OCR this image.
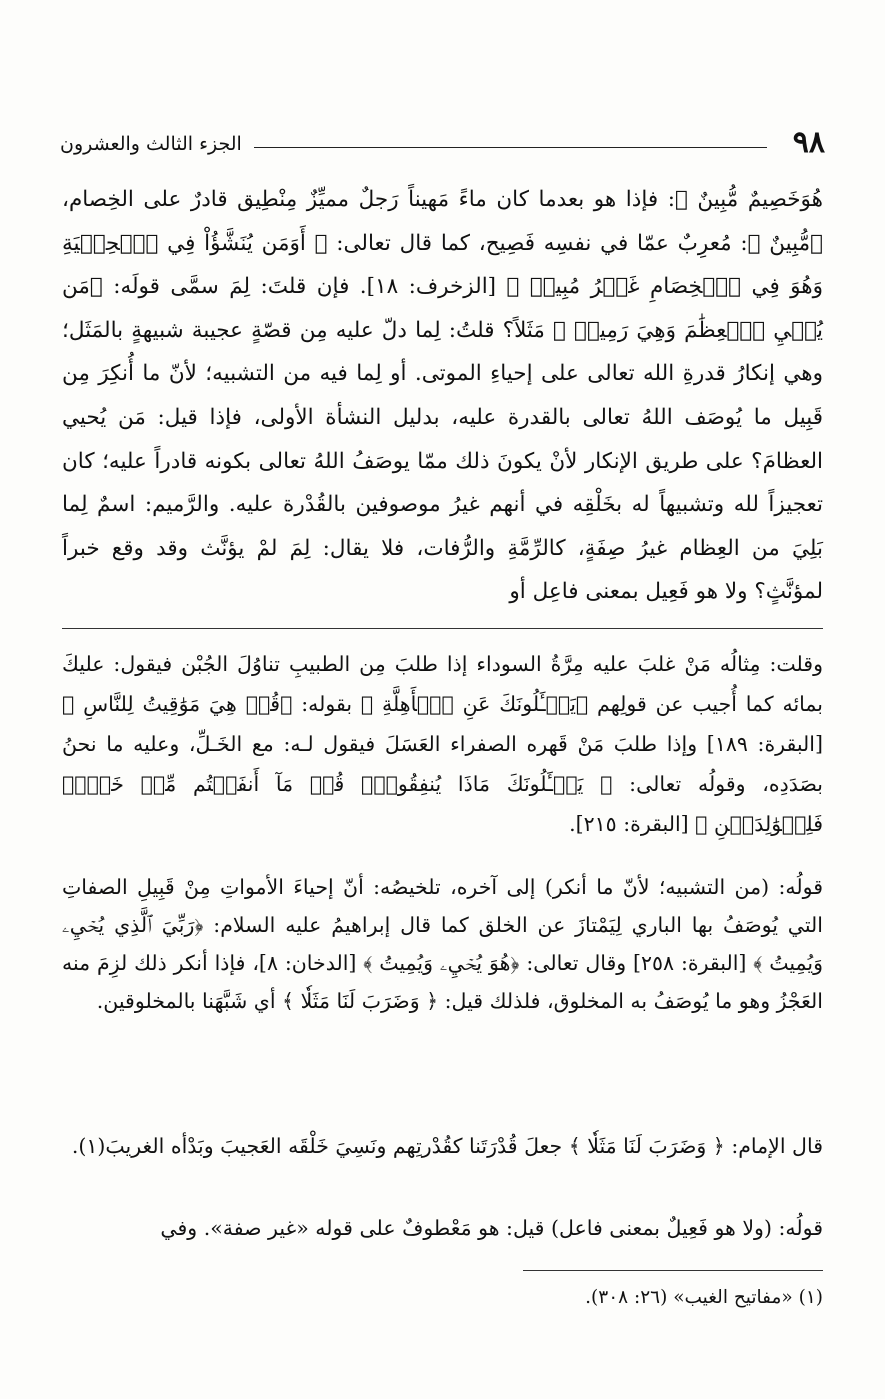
٩٨
الجزء الثالث والعشرون

هُوَخَصِيمٌ مُّبِينٌ ﴾: فإذا هو بعدما كان ماءً مَهيناً رَجلٌ مميِّزٌ مِنْطِيق قادرٌ على الخِصام، ﴿مُّبِينٌ ﴾: مُعرِبٌ عمّا في نفسِه فَصِيح، كما قال تعالى: ﴿ أَوَمَن يُنَشَّؤُاْ فِي ٱلۡحِلۡيَةِ وَهُوَ فِي ٱلۡخِصَامِ غَيۡرُ مُبِينٖ ﴾ [الزخرف: ١٨]. فإن قلتَ: لِمَ سمَّى قولَه: ﴿مَن يُحۡيِ ٱلۡعِظَٰمَ وَهِيَ رَمِيمٞ ﴾ مَثَلاً؟ قلتُ: لِما دلّ عليه مِن قصّةٍ عجيبة شبيهةٍ بالمَثَل؛ وهي إنكارُ قدرةِ الله تعالى على إحياءِ الموتى. أو لِما فيه من التشبيه؛ لأنّ ما أُنكِرَ مِن قَبِيل ما يُوصَف اللهُ تعالى بالقدرة عليه، بدليل النشأة الأولى، فإذا قيل: مَن يُحيي العظامَ؟ على طريق الإنكار لأنْ يكونَ ذلك ممّا يوصَفُ اللهُ تعالى بكونه قادراً عليه؛ كان تعجيزاً لله وتشبيهاً له بخَلْقِه في أنهم غيرُ موصوفين بالقُدْرة عليه. والرَّميم: اسمٌ لِما بَلِيَ من العِظام غيرُ صِفَةٍ، كالرِّمَّةِ والرُّفات، فلا يقال: لِمَ لمْ يؤنَّث وقد وقع خبراً لمؤنَّثٍ؟ ولا هو فَعِيل بمعنى فاعِل أو

وقلت: مِثالُه مَنْ غلبَ عليه مِرَّةُ السوداء إذا طلبَ مِن الطبيبِ تناوُلَ الجُبْن فيقول: عليكَ بمائه كما أُجيب عن قولِهم ﴿يَسۡـَٔلُونَكَ عَنِ ٱلۡأَهِلَّةِ ﴾ بقوله: ﴿قُلۡ هِيَ مَوَٰقِيتُ لِلنَّاسِ ﴾ [البقرة: ١٨٩] وإذا طلبَ مَنْ قَهره الصفراء العَسَلَ فيقول لـه: مع الخَـلِّ، وعليه ما نحنُ بصَدَدِه، وقولُه تعالى: ﴿ يَسۡـَٔلُونَكَ مَاذَا يُنفِقُونَۖ قُلۡ مَآ أَنفَقۡتُم مِّنۡ خَيۡرٖ فَلِلۡوَٰلِدَيۡنِ ﴾ [البقرة: ٢١٥].

قولُه: (من التشبيه؛ لأنّ ما أنكر) إلى آخره، تلخيصُه: أنّ إحياءَ الأمواتِ مِنْ قَبِيلِ الصفاتِ التي يُوصَفُ بها الباري لِيَمْتازَ عن الخلق كما قال إبراهيمُ عليه السلام: ﴿رَبِّيَ ٱلَّذِي يُحۡيِۦ وَيُمِيتُ ﴾ [البقرة: ٢٥٨] وقال تعالى: ﴿هُوَ يُحۡيِۦ وَيُمِيتُ ﴾ [الدخان: ٨]، فإذا أنكر ذلك لزِمَ منه العَجْزُ وهو ما يُوصَفُ به المخلوق، فلذلك قيل: ﴿ وَضَرَبَ لَنَا مَثَلٗا ﴾ أي شَبَّهَنا بالمخلوقين.

قال الإمام: ﴿ وَضَرَبَ لَنَا مَثَلٗا ﴾ جعلَ قُدْرَتَنا كقُدْرتِهم ونَسِيَ خَلْقَه العَجيبَ وبَدْأه الغريبَ(١).

قولُه: (ولا هو فَعِيلٌ بمعنى فاعل) قيل: هو مَعْطوفٌ على قوله «غير صفة». وفي

(١) «مفاتيح الغيب» (٢٦: ٣٠٨).
